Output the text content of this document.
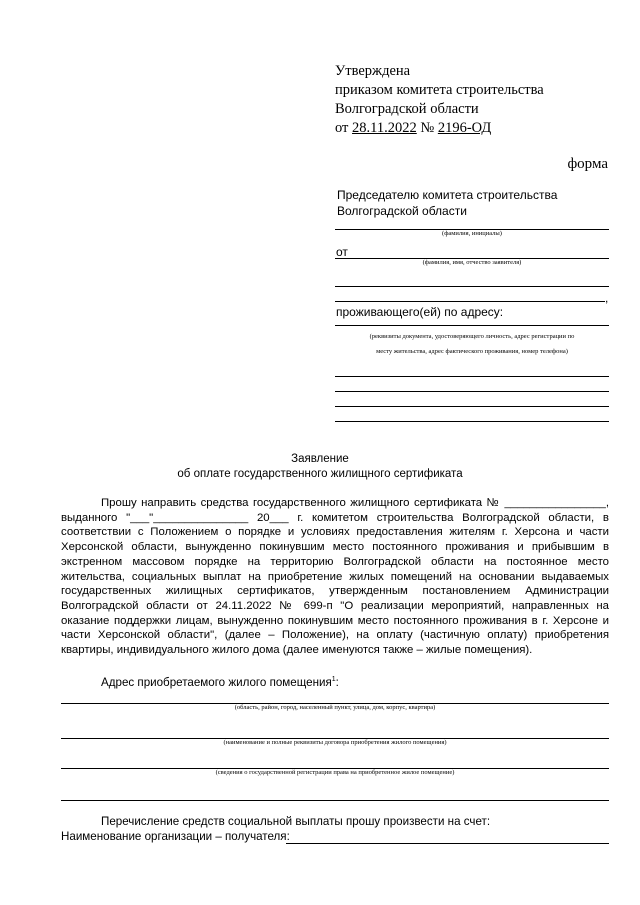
Утверждена
приказом комитета строительства
Волгоградской области
от 28.11.2022 № 2196-ОД
форма
Председателю комитета строительства
Волгоградской области
(фамилия, инициалы)
от
(фамилия, имя, отчество заявителя)
,
проживающего(ей) по адресу:
(реквизиты документа, удостоверяющего личность, адрес регистрации по
месту жительства, адрес фактического проживания, номер телефона)
Заявление
об оплате государственного жилищного сертификата

Прошу направить средства государственного жилищного сертификата № ________________, выданного "___"_______________ 20___ г. комитетом строительства Волгоградской области, в соответствии с Положением о порядке и условиях предоставления жителям г. Херсона и части Херсонской области, вынужденно покинувшим место постоянного проживания и прибывшим в экстренном массовом порядке на территорию Волгоградской области на постоянное место жительства, социальных выплат на приобретение жилых помещений на основании выдаваемых государственных жилищных сертификатов, утвержденным постановлением Администрации Волгоградской области от 24.11.2022 № 699-п "О реализации мероприятий, направленных на оказание поддержки лицам, вынужденно покинувшим место постоянного проживания в г. Херсоне и части Херсонской области", (далее – Положение), на оплату (частичную оплату) приобретения квартиры, индивидуального жилого дома (далее именуются также – жилые помещения).

Адрес приобретаемого жилого помещения$^1$:
(область, район, город, населенный пункт, улица, дом, корпус, квартира)
(наименование и полные реквизиты договора приобретения жилого помещения)
(сведения о государственной регистрации права на приобретенное жилое помещение)
Перечисление средств социальной выплаты прошу произвести на счет:
Наименование организации – получателя:
